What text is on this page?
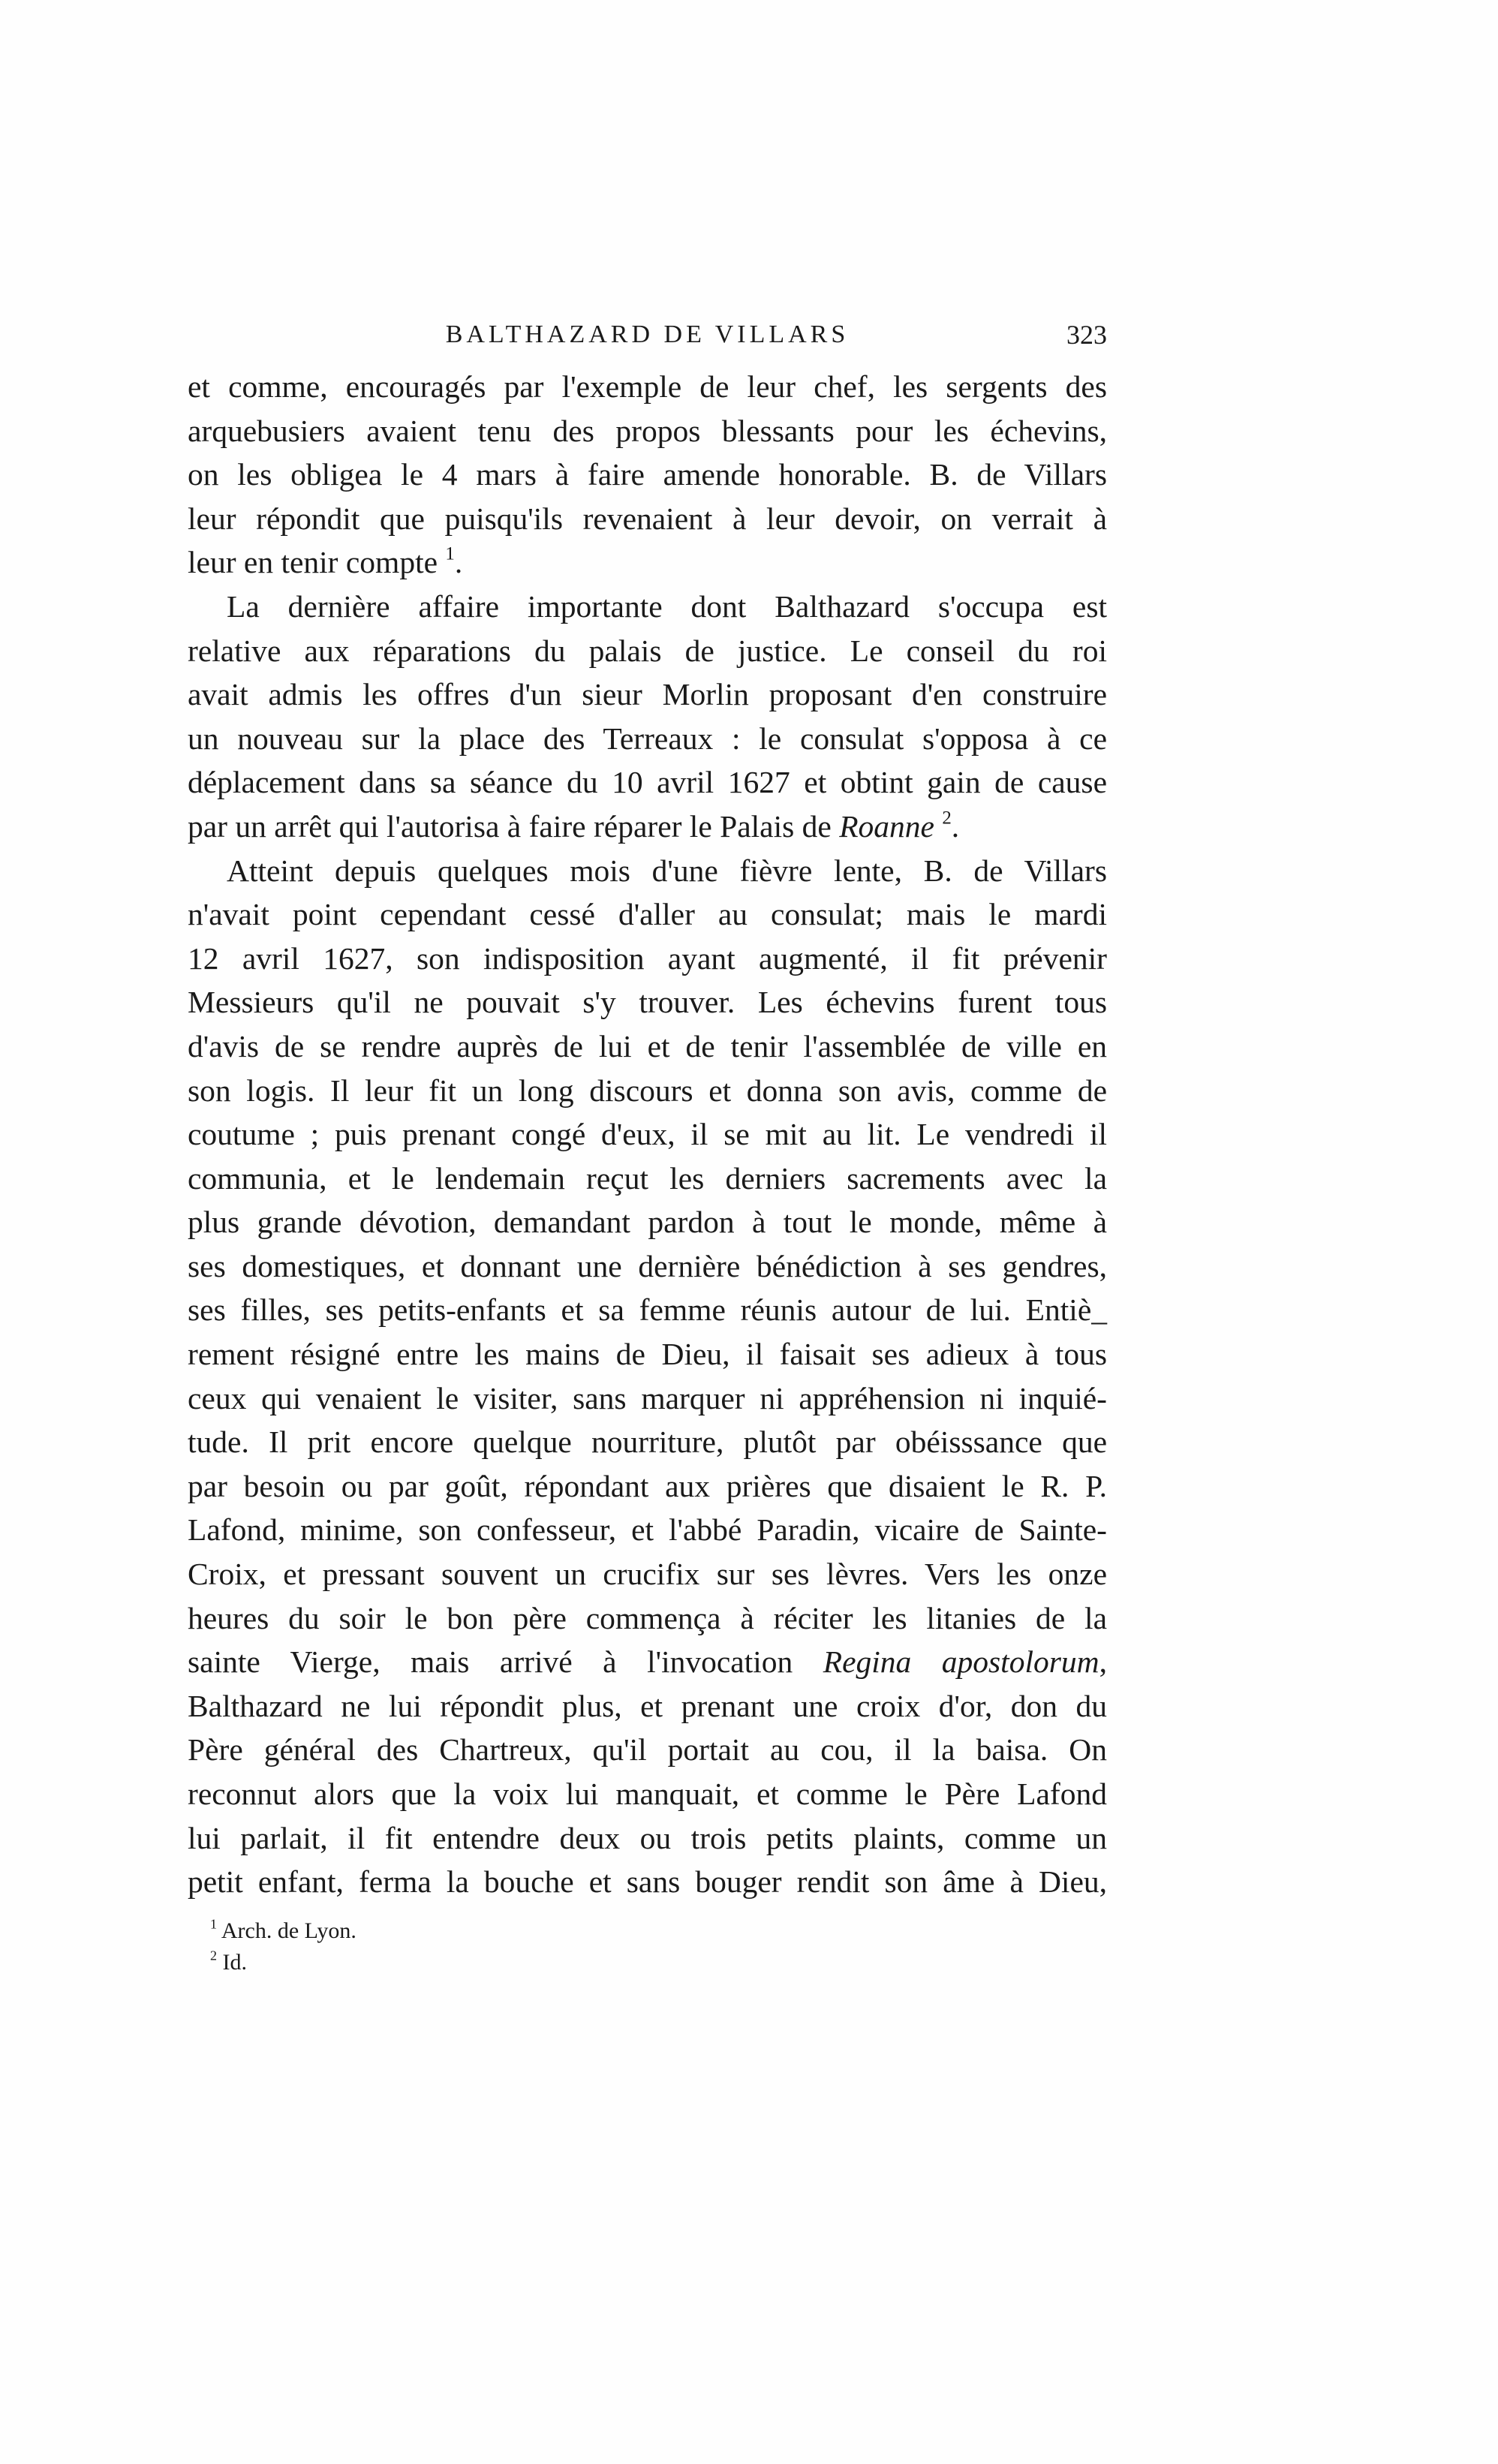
BALTHAZARD DE VILLARS	323
et comme, encouragés par l'exemple de leur chef, les sergents des
arquebusiers avaient tenu des propos blessants pour les échevins,
on les obligea le 4 mars à faire amende honorable. B. de Villars
leur répondit que puisqu'ils revenaient à leur devoir, on verrait à
leur en tenir compte $^1$.
La dernière affaire importante dont Balthazard s'occupa est
relative aux réparations du palais de justice. Le conseil du roi
avait admis les offres d'un sieur Morlin proposant d'en construire
un nouveau sur la place des Terreaux : le consulat s'opposa à ce
déplacement dans sa séance du 10 avril 1627 et obtint gain de cause
par un arrêt qui l'autorisa à faire réparer le Palais de Roanne $^2$.
Atteint depuis quelques mois d'une fièvre lente, B. de Villars
n'avait point cependant cessé d'aller au consulat; mais le mardi
12 avril 1627, son indisposition ayant augmenté, il fit prévenir
Messieurs qu'il ne pouvait s'y trouver. Les échevins furent tous
d'avis de se rendre auprès de lui et de tenir l'assemblée de ville en
son logis. Il leur fit un long discours et donna son avis, comme de
coutume ; puis prenant congé d'eux, il se mit au lit. Le vendredi il
communia, et le lendemain reçut les derniers sacrements avec la
plus grande dévotion, demandant pardon à tout le monde, même à
ses domestiques, et donnant une dernière bénédiction à ses gendres,
ses filles, ses petits-enfants et sa femme réunis autour de lui. Entiè_
rement résigné entre les mains de Dieu, il faisait ses adieux à tous
ceux qui venaient le visiter, sans marquer ni appréhension ni inquié-
tude. Il prit encore quelque nourriture, plutôt par obéisssance que
par besoin ou par goût, répondant aux prières que disaient le R. P.
Lafond, minime, son confesseur, et l'abbé Paradin, vicaire de Sainte-
Croix, et pressant souvent un crucifix sur ses lèvres. Vers les onze
heures du soir le bon père commença à réciter les litanies de la
sainte Vierge, mais arrivé à l'invocation Regina apostolorum,
Balthazard ne lui répondit plus, et prenant une croix d'or, don du
Père général des Chartreux, qu'il portait au cou, il la baisa. On
reconnut alors que la voix lui manquait, et comme le Père Lafond
lui parlait, il fit entendre deux ou trois petits plaints, comme un
petit enfant, ferma la bouche et sans bouger rendit son âme à Dieu,
$^1$ Arch. de Lyon.
$^2$ Id.
